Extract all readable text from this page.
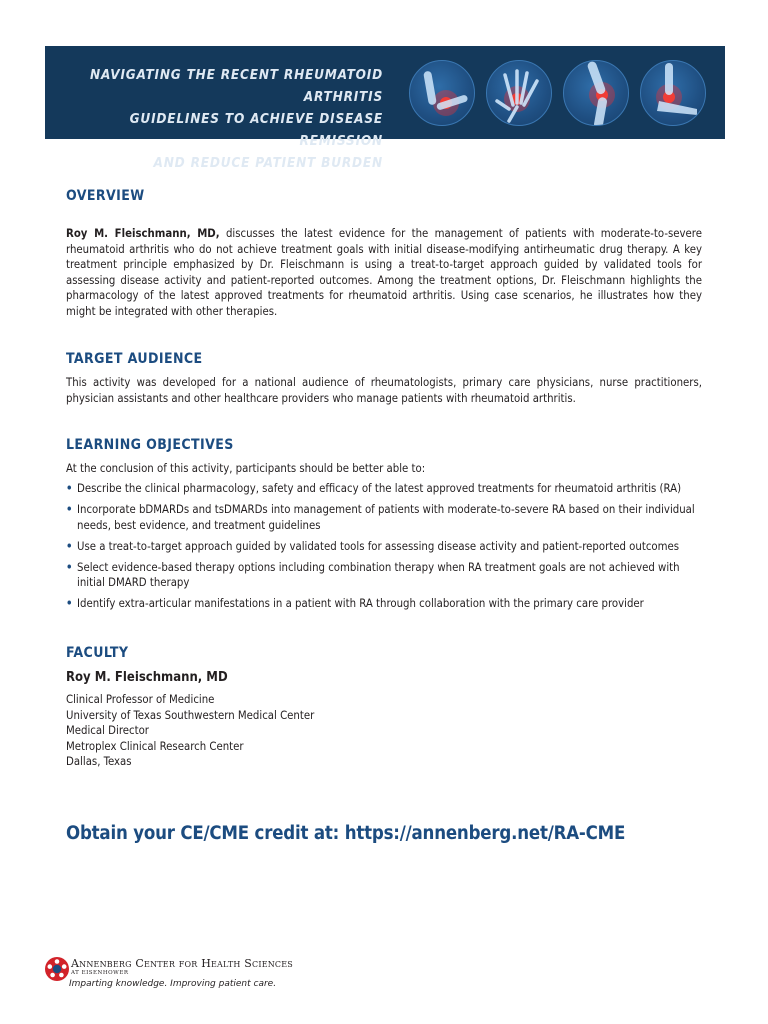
NAVIGATING THE RECENT RHEUMATOID ARTHRITIS
GUIDELINES TO ACHIEVE DISEASE REMISSION
AND REDUCE PATIENT BURDEN
OVERVIEW
Roy M. Fleischmann, MD, discusses the latest evidence for the management of patients with moderate-to-severe rheumatoid arthritis who do not achieve treatment goals with initial disease-modifying antirheumatic drug therapy. A key treatment principle emphasized by Dr. Fleischmann is using a treat-to-target approach guided by validated tools for assessing disease activity and patient-reported outcomes. Among the treatment options, Dr. Fleischmann highlights the pharmacology of the latest approved treatments for rheumatoid arthritis. Using case scenarios, he illustrates how they might be integrated with other therapies.
TARGET AUDIENCE
This activity was developed for a national audience of rheumatologists, primary care physicians, nurse practitioners, physician assistants and other healthcare providers who manage patients with rheumatoid arthritis.
LEARNING OBJECTIVES
At the conclusion of this activity, participants should be better able to:
• Describe the clinical pharmacology, safety and efficacy of the latest approved treatments for rheumatoid arthritis (RA)
• Incorporate bDMARDs and tsDMARDs into management of patients with moderate-to-severe RA based on their individual needs, best evidence, and treatment guidelines
• Use a treat-to-target approach guided by validated tools for assessing disease activity and patient-reported outcomes
• Select evidence-based therapy options including combination therapy when RA treatment goals are not achieved with initial DMARD therapy
• Identify extra-articular manifestations in a patient with RA through collaboration with the primary care provider
FACULTY
Roy M. Fleischmann, MD
Clinical Professor of Medicine
University of Texas Southwestern Medical Center
Medical Director
Metroplex Clinical Research Center
Dallas, Texas
Obtain your CE/CME credit at: https://annenberg.net/RA-CME
Annenberg Center for Health Sciences
AT EISENHOWER
Imparting knowledge. Improving patient care.
